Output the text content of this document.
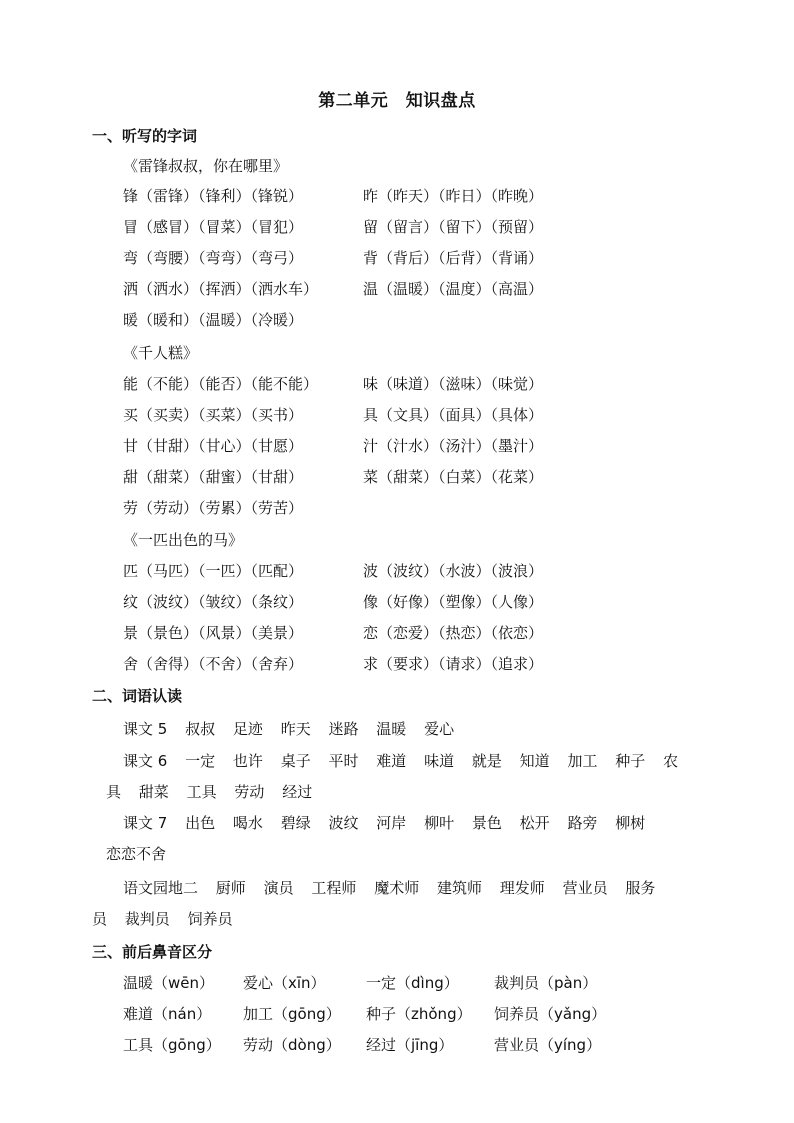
第二单元　知识盘点
一、听写的字词
《雷锋叔叔，你在哪里》
锋（雷锋）（锋利）（锋锐）	昨（昨天）（昨日）（昨晚）
冒（感冒）（冒菜）（冒犯）	留（留言）（留下）（预留）
弯（弯腰）（弯弯）（弯弓）	背（背后）（后背）（背诵）
洒（洒水）（挥洒）（洒水车）	温（温暖）（温度）（高温）
暖（暖和）（温暖）（冷暖）
《千人糕》
能（不能）（能否）（能不能）	味（味道）（滋味）（味觉）
买（买卖）（买菜）（买书）	具（文具）（面具）（具体）
甘（甘甜）（甘心）（甘愿）	汁（汁水）（汤汁）（墨汁）
甜（甜菜）（甜蜜）（甘甜）	菜（甜菜）（白菜）（花菜）
劳（劳动）（劳累）（劳苦）
《一匹出色的马》
匹（马匹）（一匹）（匹配）	波（波纹）（水波）（波浪）
纹（波纹）（皱纹）（条纹）	像（好像）（塑像）（人像）
景（景色）（风景）（美景）	恋（恋爱）（热恋）（依恋）
舍（舍得）（不舍）（舍弃）	求（要求）（请求）（追求）
二、词语认读
课文 5 叔叔 足迹 昨天 迷路 温暖 爱心
课文 6 一定 也许 桌子 平时 难道 味道 就是 知道 加工 种子 农
具 甜菜 工具 劳动 经过
课文 7 出色 喝水 碧绿 波纹 河岸 柳叶 景色 松开 路旁 柳树
恋恋不舍
语文园地二 厨师 演员 工程师 魔术师 建筑师 理发师 营业员 服务
员 裁判员 饲养员
三、前后鼻音区分
温暖（wēn）	爱心（xīn）	一定（dìng）	裁判员（pàn）
难道（nán）	加工（gōng）	种子（zhǒng）	饲养员（yǎng）
工具（gōng）	劳动（dòng）	经过（jīng）	营业员（yíng）
